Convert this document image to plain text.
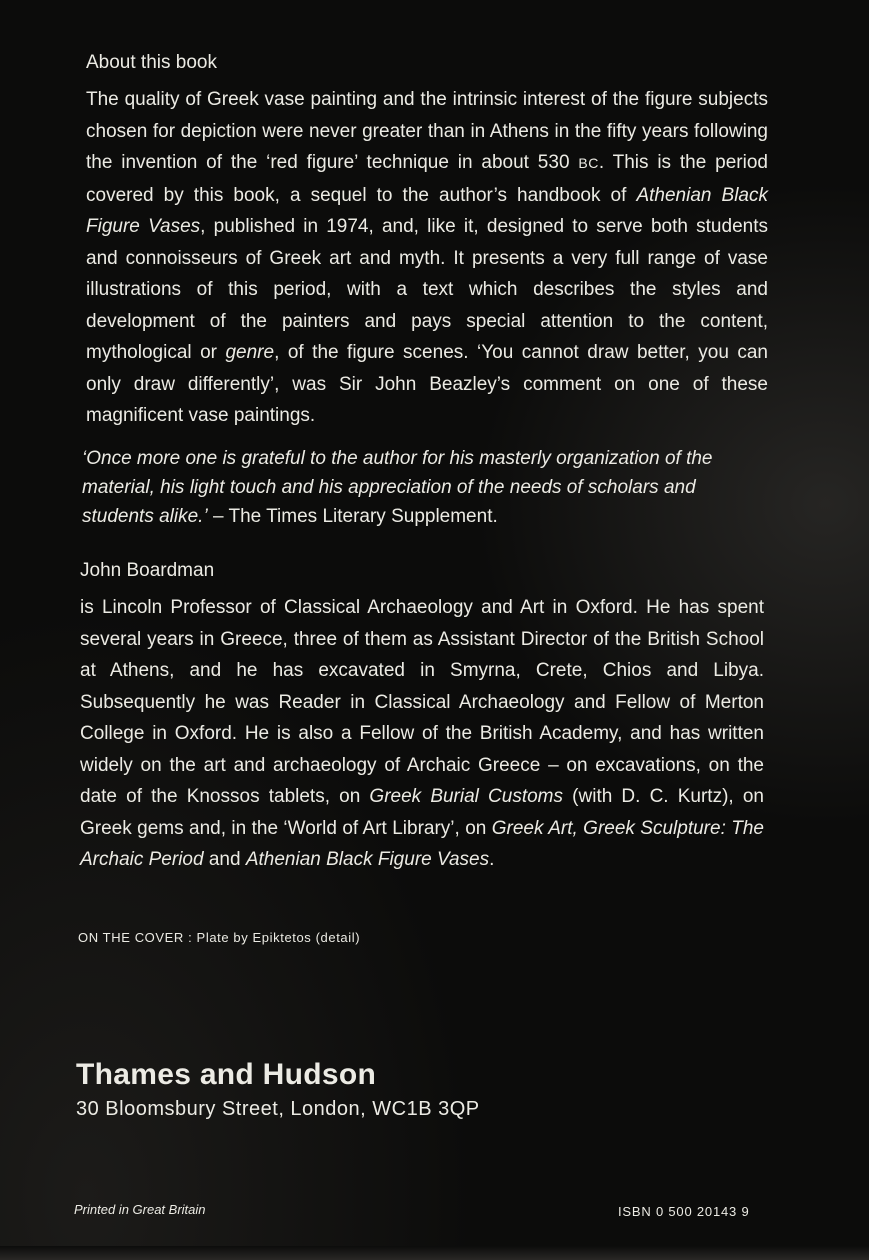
About this book

The quality of Greek vase painting and the intrinsic interest of the figure subjects chosen for depiction were never greater than in Athens in the fifty years following the invention of the ‘red figure’ technique in about 530 BC. This is the period covered by this book, a sequel to the author’s handbook of Athenian Black Figure Vases, published in 1974, and, like it, designed to serve both students and connoisseurs of Greek art and myth. It presents a very full range of vase illustrations of this period, with a text which describes the styles and development of the painters and pays special attention to the content, mythological or genre, of the figure scenes. ‘You cannot draw better, you can only draw differently’, was Sir John Beazley’s comment on one of these magnificent vase paintings.

‘Once more one is grateful to the author for his masterly organization of the material, his light touch and his appreciation of the needs of scholars and students alike.’ – The Times Literary Supplement.

John Boardman

is Lincoln Professor of Classical Archaeology and Art in Oxford. He has spent several years in Greece, three of them as Assistant Director of the British School at Athens, and he has excavated in Smyrna, Crete, Chios and Libya. Subsequently he was Reader in Classical Archaeology and Fellow of Merton College in Oxford. He is also a Fellow of the British Academy, and has written widely on the art and archaeology of Archaic Greece – on excavations, on the date of the Knossos tablets, on Greek Burial Customs (with D. C. Kurtz), on Greek gems and, in the ‘World of Art Library’, on Greek Art, Greek Sculpture: The Archaic Period and Athenian Black Figure Vases.

ON THE COVER : Plate by Epiktetos (detail)

Thames and Hudson

30 Bloomsbury Street, London, WC1B 3QP

Printed in Great Britain	ISBN 0 500 20143 9
